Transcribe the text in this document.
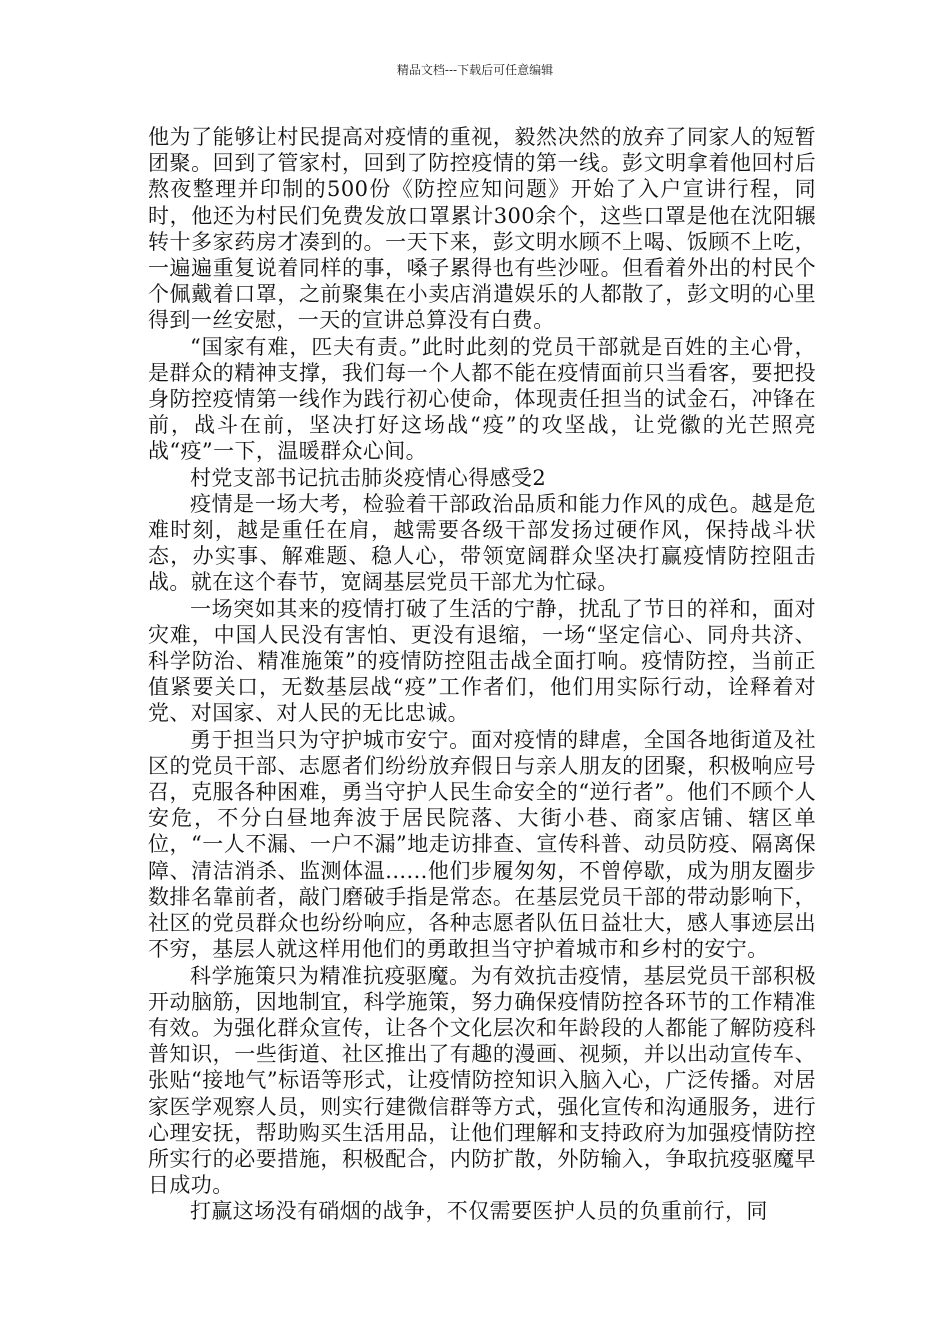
精品文档---下载后可任意编辑

他为了能够让村民提高对疫情的重视，毅然决然的放弃了同家人的短暂团聚。回到了管家村，回到了防控疫情的第一线。彭文明拿着他回村后熬夜整理并印制的500份《防控应知问题》开始了入户宣讲行程，同时，他还为村民们免费发放口罩累计300余个，这些口罩是他在沈阳辗转十多家药房才凑到的。一天下来，彭文明水顾不上喝、饭顾不上吃，一遍遍重复说着同样的事，嗓子累得也有些沙哑。但看着外出的村民个个佩戴着口罩，之前聚集在小卖店消遣娱乐的人都散了，彭文明的心里得到一丝安慰，一天的宣讲总算没有白费。

“国家有难，匹夫有责。”此时此刻的党员干部就是百姓的主心骨，是群众的精神支撑，我们每一个人都不能在疫情面前只当看客，要把投身防控疫情第一线作为践行初心使命，体现责任担当的试金石，冲锋在前，战斗在前，坚决打好这场战“疫”的攻坚战，让党徽的光芒照亮战“疫”一下，温暖群众心间。

村党支部书记抗击肺炎疫情心得感受2

疫情是一场大考，检验着干部政治品质和能力作风的成色。越是危难时刻，越是重任在肩，越需要各级干部发扬过硬作风，保持战斗状态，办实事、解难题、稳人心，带领宽阔群众坚决打赢疫情防控阻击战。就在这个春节，宽阔基层党员干部尤为忙碌。

一场突如其来的疫情打破了生活的宁静，扰乱了节日的祥和，面对灾难，中国人民没有害怕、更没有退缩，一场“坚定信心、同舟共济、科学防治、精准施策”的疫情防控阻击战全面打响。疫情防控，当前正值紧要关口，无数基层战“疫”工作者们，他们用实际行动，诠释着对党、对国家、对人民的无比忠诚。

勇于担当只为守护城市安宁。面对疫情的肆虐，全国各地街道及社区的党员干部、志愿者们纷纷放弃假日与亲人朋友的团聚，积极响应号召，克服各种困难，勇当守护人民生命安全的“逆行者”。他们不顾个人安危，不分白昼地奔波于居民院落、大街小巷、商家店铺、辖区单位，“一人不漏、一户不漏”地走访排查、宣传科普、动员防疫、隔离保障、清洁消杀、监测体温......他们步履匆匆，不曾停歇，成为朋友圈步数排名靠前者，敲门磨破手指是常态。在基层党员干部的带动影响下，社区的党员群众也纷纷响应，各种志愿者队伍日益壮大，感人事迹层出不穷，基层人就这样用他们的勇敢担当守护着城市和乡村的安宁。

科学施策只为精准抗疫驱魔。为有效抗击疫情，基层党员干部积极开动脑筋，因地制宜，科学施策，努力确保疫情防控各环节的工作精准有效。为强化群众宣传，让各个文化层次和年龄段的人都能了解防疫科普知识，一些街道、社区推出了有趣的漫画、视频，并以出动宣传车、张贴“接地气”标语等形式，让疫情防控知识入脑入心，广泛传播。对居家医学观察人员，则实行建微信群等方式，强化宣传和沟通服务，进行心理安抚，帮助购买生活用品，让他们理解和支持政府为加强疫情防控所实行的必要措施，积极配合，内防扩散，外防输入，争取抗疫驱魔早日成功。

打赢这场没有硝烟的战争，不仅需要医护人员的负重前行，同
